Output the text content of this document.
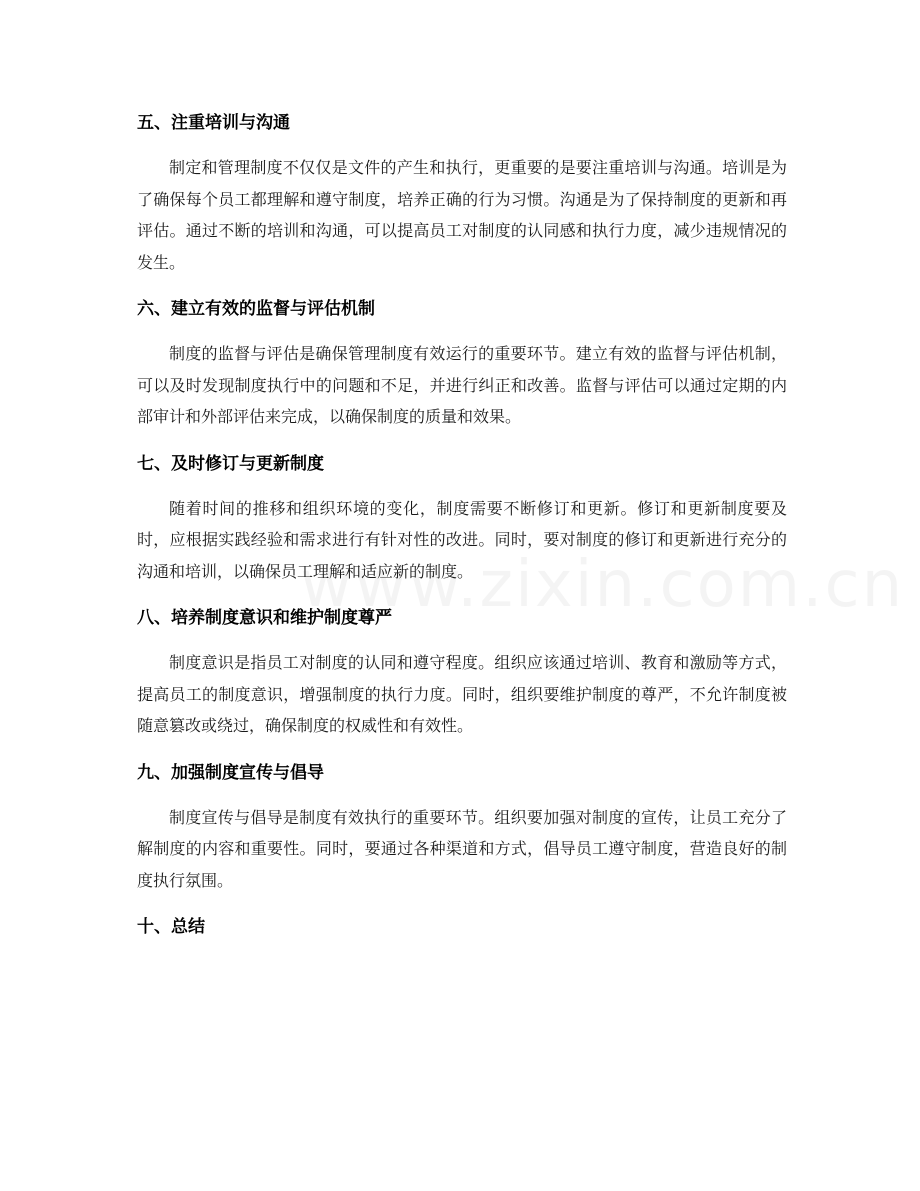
五、注重培训与沟通

制定和管理制度不仅仅是文件的产生和执行，更重要的是要注重培训与沟通。培训是为了确保每个员工都理解和遵守制度，培养正确的行为习惯。沟通是为了保持制度的更新和再评估。通过不断的培训和沟通，可以提高员工对制度的认同感和执行力度，减少违规情况的发生。

六、建立有效的监督与评估机制

制度的监督与评估是确保管理制度有效运行的重要环节。建立有效的监督与评估机制，可以及时发现制度执行中的问题和不足，并进行纠正和改善。监督与评估可以通过定期的内部审计和外部评估来完成，以确保制度的质量和效果。

七、及时修订与更新制度

随着时间的推移和组织环境的变化，制度需要不断修订和更新。修订和更新制度要及时，应根据实践经验和需求进行有针对性的改进。同时，要对制度的修订和更新进行充分的沟通和培训，以确保员工理解和适应新的制度。

八、培养制度意识和维护制度尊严

制度意识是指员工对制度的认同和遵守程度。组织应该通过培训、教育和激励等方式，提高员工的制度意识，增强制度的执行力度。同时，组织要维护制度的尊严，不允许制度被随意篡改或绕过，确保制度的权威性和有效性。

九、加强制度宣传与倡导

制度宣传与倡导是制度有效执行的重要环节。组织要加强对制度的宣传，让员工充分了解制度的内容和重要性。同时，要通过各种渠道和方式，倡导员工遵守制度，营造良好的制度执行氛围。

十、总结
